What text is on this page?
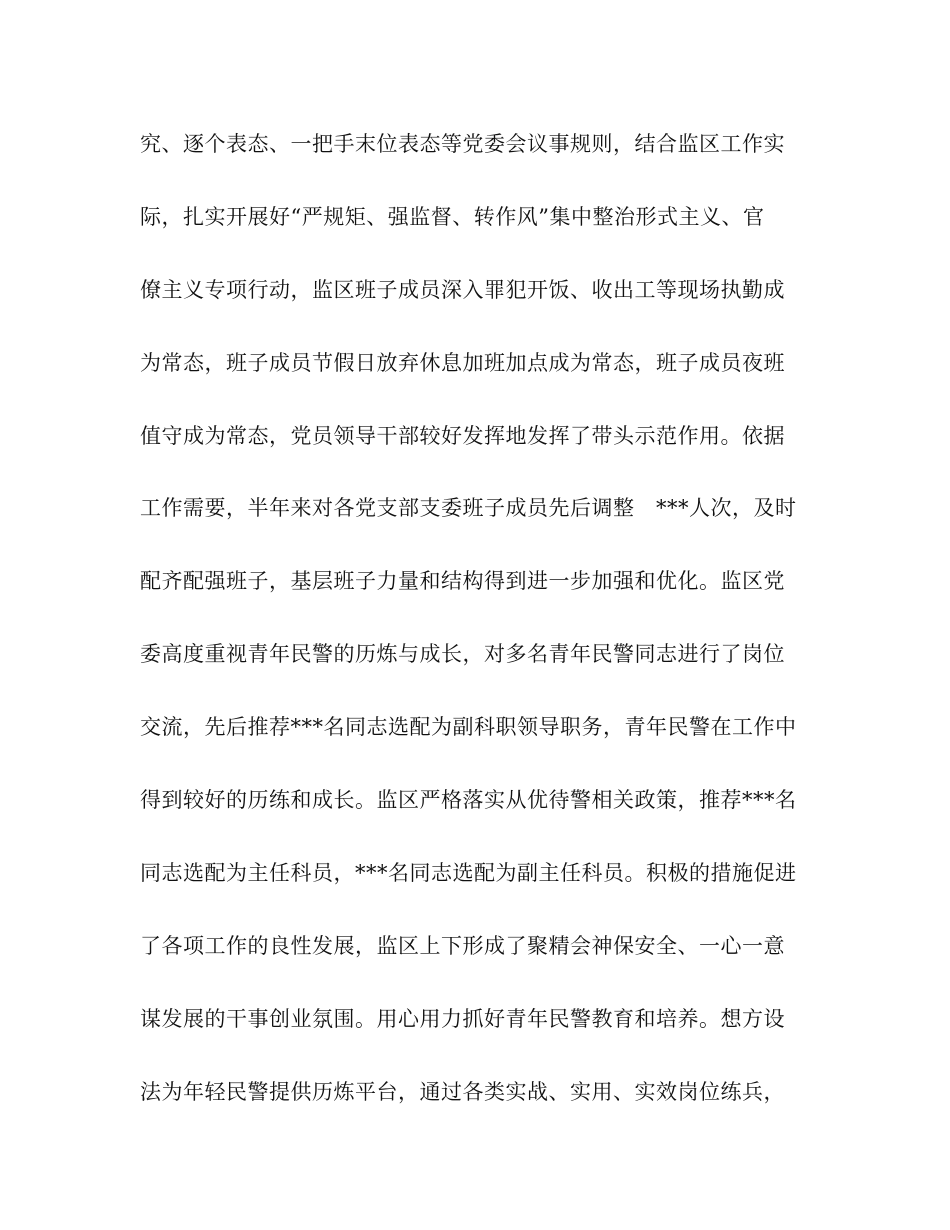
究、逐个表态、一把手末位表态等党委会议事规则，结合监区工作实
际，扎实开展好“严规矩、强监督、转作风”集中整治形式主义、官
僚主义专项行动，监区班子成员深入罪犯开饭、收出工等现场执勤成
为常态，班子成员节假日放弃休息加班加点成为常态，班子成员夜班
值守成为常态，党员领导干部较好发挥地发挥了带头示范作用。依据
工作需要，半年来对各党支部支委班子成员先后调整　***人次，及时
配齐配强班子，基层班子力量和结构得到进一步加强和优化。监区党
委高度重视青年民警的历炼与成长，对多名青年民警同志进行了岗位
交流，先后推荐***名同志选配为副科职领导职务，青年民警在工作中
得到较好的历练和成长。监区严格落实从优待警相关政策，推荐***名
同志选配为主任科员，***名同志选配为副主任科员。积极的措施促进
了各项工作的良性发展，监区上下形成了聚精会神保安全、一心一意
谋发展的干事创业氛围。用心用力抓好青年民警教育和培养。想方设
法为年轻民警提供历炼平台，通过各类实战、实用、实效岗位练兵，
